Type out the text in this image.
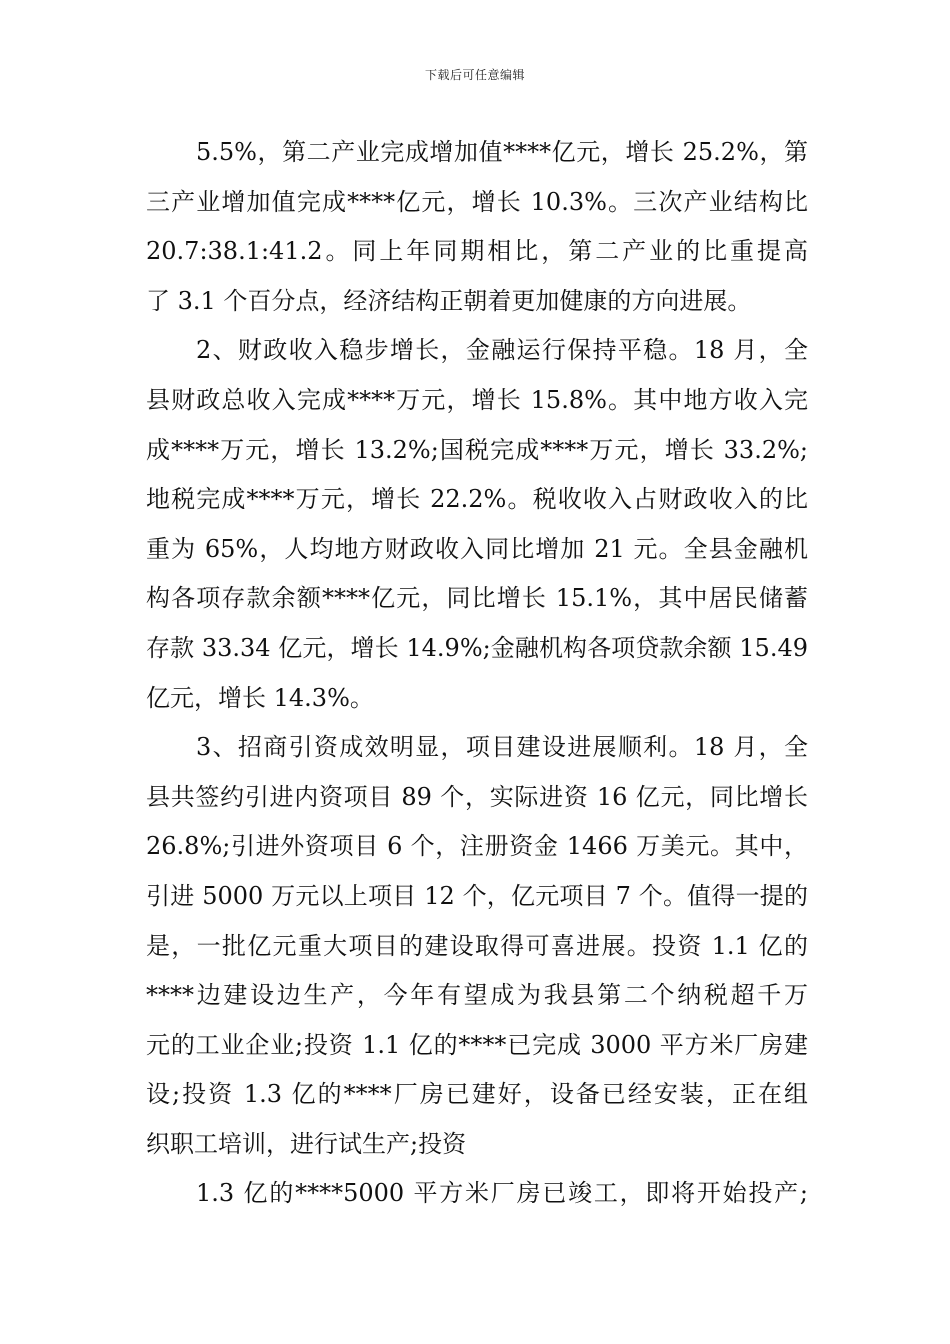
下载后可任意编辑
5.5%，第二产业完成增加值****亿元，增长 25.2%，第
三产业增加值完成****亿元，增长 10.3%。三次产业结构比
20.7:38.1:41.2。同上年同期相比，第二产业的比重提高
了 3.1 个百分点，经济结构正朝着更加健康的方向进展。
2、财政收入稳步增长，金融运行保持平稳。18 月，全
县财政总收入完成****万元，增长 15.8%。其中地方收入完
成****万元，增长 13.2%;国税完成****万元，增长 33.2%;
地税完成****万元，增长 22.2%。税收收入占财政收入的比
重为 65%，人均地方财政收入同比增加 21 元。全县金融机
构各项存款余额****亿元，同比增长 15.1%，其中居民储蓄
存款 33.34 亿元，增长 14.9%;金融机构各项贷款余额 15.49
亿元，增长 14.3%。
3、招商引资成效明显，项目建设进展顺利。18 月，全
县共签约引进内资项目 89 个，实际进资 16 亿元，同比增长
26.8%;引进外资项目 6 个，注册资金 1466 万美元。其中，
引进 5000 万元以上项目 12 个，亿元项目 7 个。值得一提的
是，一批亿元重大项目的建设取得可喜进展。投资 1.1 亿的
****边建设边生产，今年有望成为我县第二个纳税超千万
元的工业企业;投资 1.1 亿的****已完成 3000 平方米厂房建
设;投资 1.3 亿的****厂房已建好，设备已经安装，正在组
织职工培训，进行试生产;投资
1.3 亿的****5000 平方米厂房已竣工，即将开始投产;
